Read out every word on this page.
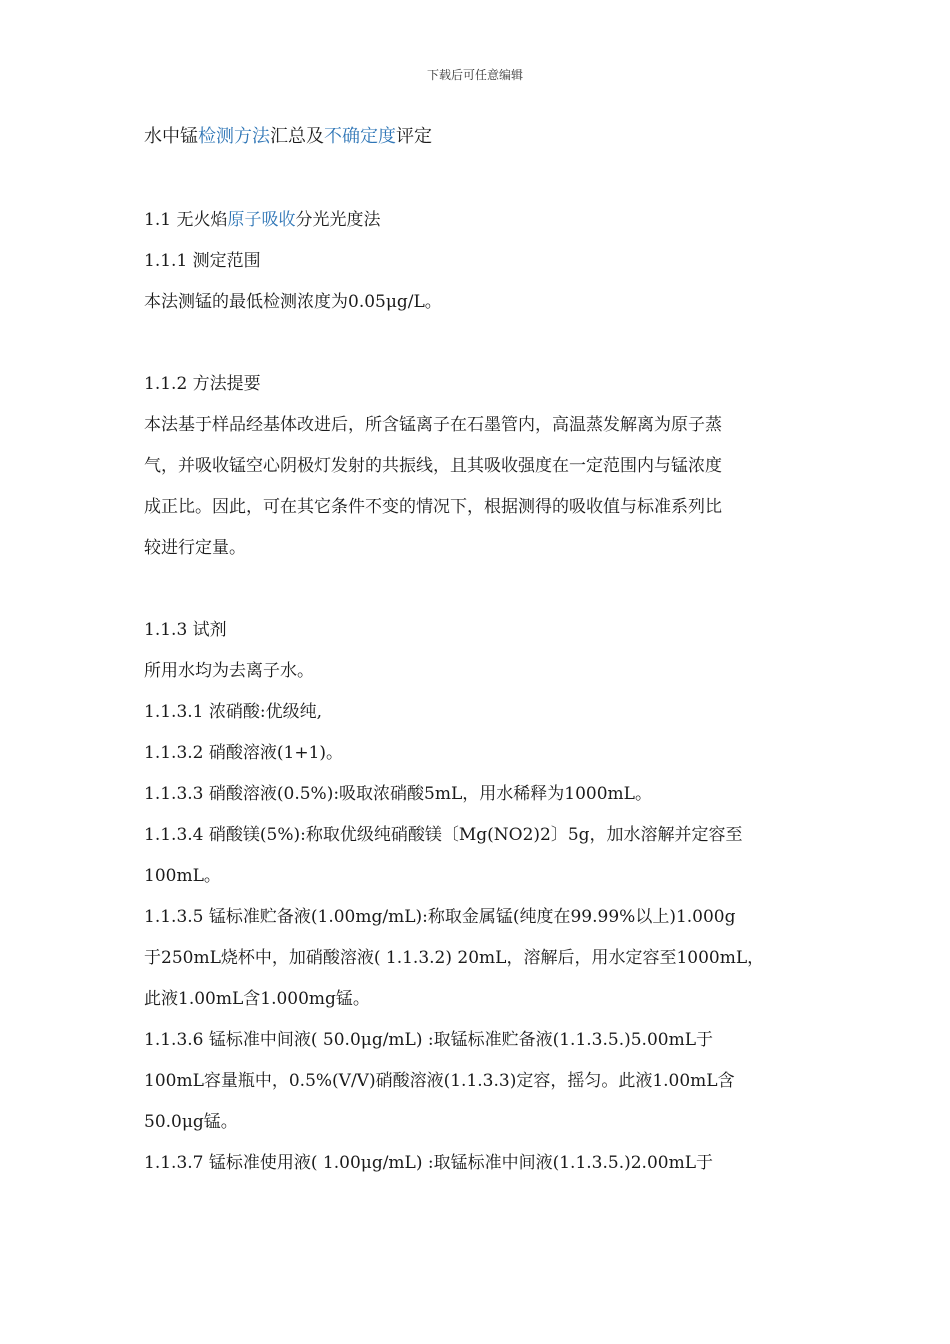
下载后可任意编辑

水中锰检测方法汇总及不确定度评定

1.1 无火焰原子吸收分光光度法

1.1.1 测定范围

本法测锰的最低检测浓度为0.05μg/L。

1.1.2 方法提要

本法基于样品经基体改进后，所含锰离子在石墨管内，高温蒸发解离为原子蒸

气，并吸收锰空心阴极灯发射的共振线，且其吸收强度在一定范围内与锰浓度

成正比。因此，可在其它条件不变的情况下，根据测得的吸收值与标准系列比

较进行定量。

1.1.3 试剂

所用水均为去离子水。

1.1.3.1 浓硝酸:优级纯,

1.1.3.2 硝酸溶液(1+1)。

1.1.3.3 硝酸溶液(0.5%):吸取浓硝酸5mL，用水稀释为1000mL。

1.1.3.4 硝酸镁(5%):称取优级纯硝酸镁〔Mg(NO2)2〕5g，加水溶解并定容至

100mL。

1.1.3.5 锰标准贮备液(1.00mg/mL):称取金属锰(纯度在99.99%以上)1.000g

于250mL烧杯中，加硝酸溶液( 1.1.3.2) 20mL，溶解后，用水定容至1000mL，

此液1.00mL含1.000mg锰。

1.1.3.6 锰标准中间液( 50.0μg/mL) :取锰标准贮备液(1.1.3.5.)5.00mL于

100mL容量瓶中，0.5%(V/V)硝酸溶液(1.1.3.3)定容，摇匀。此液1.00mL含

50.0μg锰。

1.1.3.7 锰标准使用液( 1.00μg/mL) :取锰标准中间液(1.1.3.5.)2.00mL于
